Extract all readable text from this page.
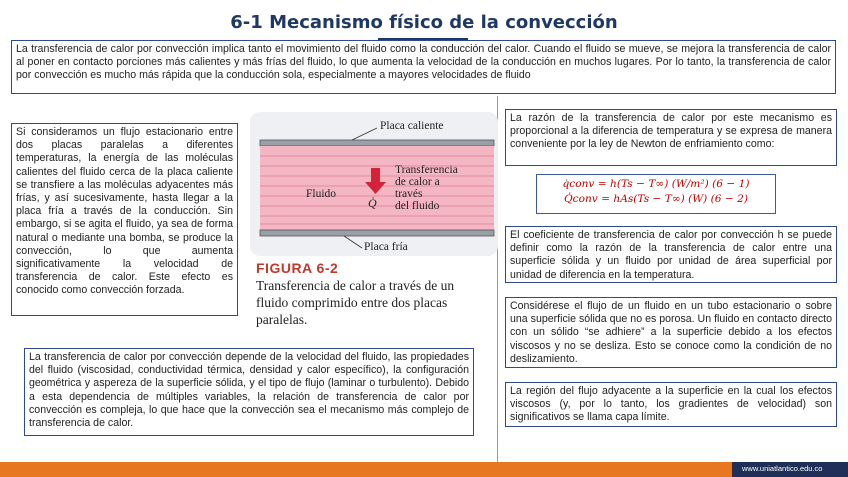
6-1 Mecanismo físico de la convección
La transferencia de calor por convección implica tanto el movimiento del fluido como la conducción del calor. Cuando el fluido se mueve, se mejora la transferencia de calor al poner en contacto porciones más calientes y más frías del fluido, lo que aumenta la velocidad de la conducción en muchos lugares. Por lo tanto, la transferencia de calor por convección es mucho más rápida que la conducción sola, especialmente a mayores velocidades de fluido
Si consideramos un flujo estacionario entre dos placas paralelas a diferentes temperaturas, la energía de las moléculas calientes del fluido cerca de la placa caliente se transfiere a las moléculas adyacentes más frías, y así sucesivamente, hasta llegar a la placa fría a través de la conducción. Sin embargo, si se agita el fluido, ya sea de forma natural o mediante una bomba, se produce la convección, lo que aumenta significativamente la velocidad de transferencia de calor. Este efecto es conocido como convección forzada.
Placa caliente
Placa fría
Fluido
Q̇
Transferencia
de calor a
través
del fluido
FIGURA 6-2
Transferencia de calor a través de un
fluido comprimido entre dos placas
paralelas.
La transferencia de calor por convección depende de la velocidad del fluido, las propiedades del fluido (viscosidad, conductividad térmica, densidad y calor específico), la configuración geométrica y aspereza de la superficie sólida, y el tipo de flujo (laminar o turbulento). Debido a esta dependencia de múltiples variables, la relación de transferencia de calor por convección es compleja, lo que hace que la convección sea el mecanismo más complejo de transferencia de calor.
La razón de la transferencia de calor por este mecanismo es proporcional a la diferencia de temperatura y se expresa de manera conveniente por la ley de Newton de enfriamiento como:
q̇conv = h(Ts − T∞) (W/m²) (6 − 1)
Q̇conv = hAs(Ts − T∞) (W) (6 − 2)
El coeficiente de transferencia de calor por convección h se puede definir como la razón de la transferencia de calor entre una superficie sólida y un fluido por unidad de área superficial por unidad de diferencia en la temperatura.
Considérese el flujo de un fluido en un tubo estacionario o sobre una superficie sólida que no es porosa. Un fluido en contacto directo con un sólido “se adhiere” a la superficie debido a los efectos viscosos y no se desliza. Esto se conoce como la condición de no deslizamiento.
La región del flujo adyacente a la superficie en la cual los efectos viscosos (y, por lo tanto, los gradientes de velocidad) son significativos se llama capa límite.
www.uniatlantico.edu.co
